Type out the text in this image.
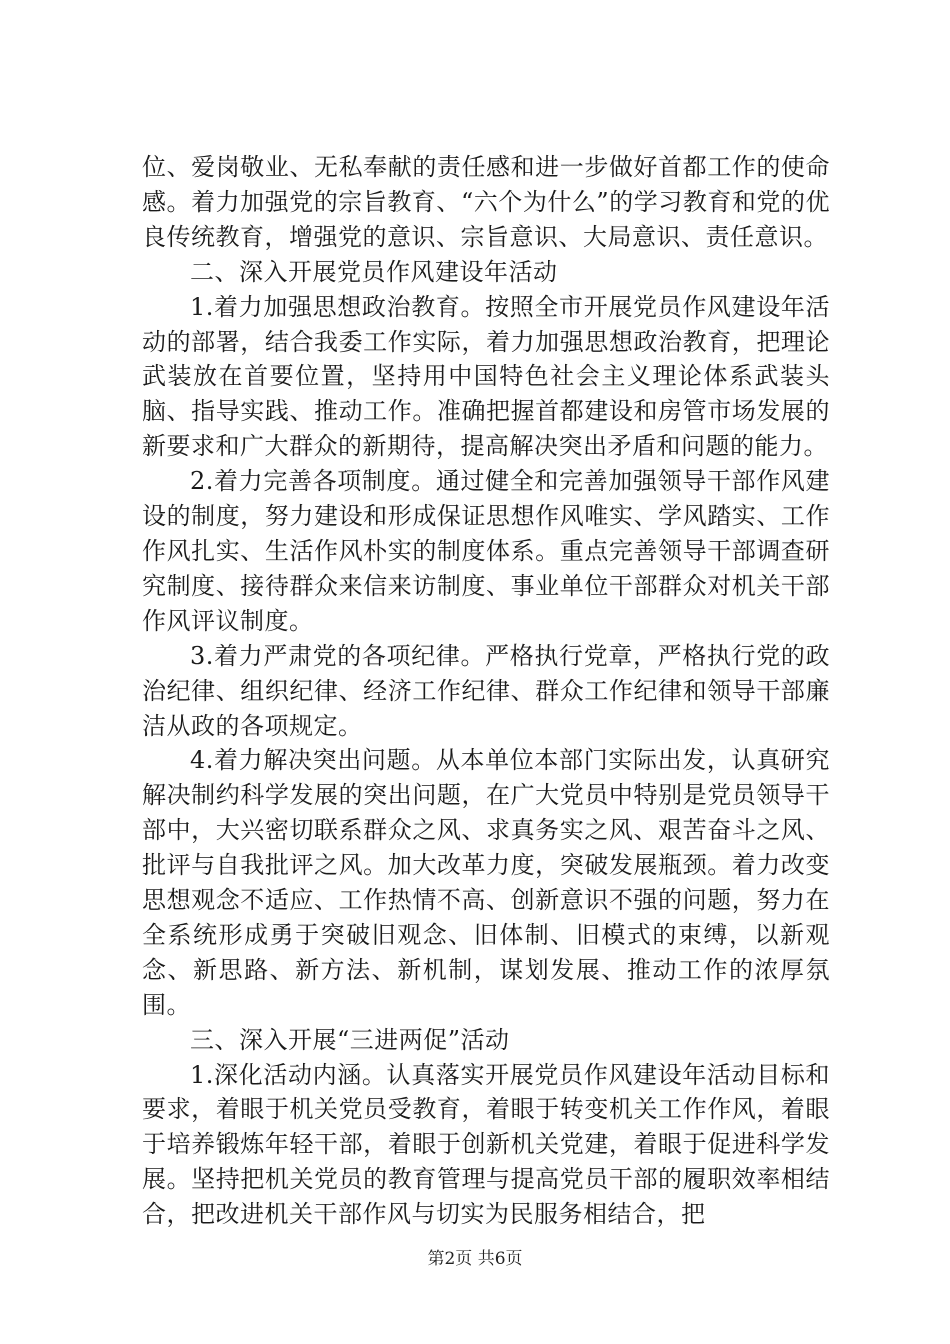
位、爱岗敬业、无私奉献的责任感和进一步做好首都工作的使命感。着力加强党的宗旨教育、“六个为什么”的学习教育和党的优良传统教育，增强党的意识、宗旨意识、大局意识、责任意识。

二、深入开展党员作风建设年活动

1.着力加强思想政治教育。按照全市开展党员作风建设年活动的部署，结合我委工作实际，着力加强思想政治教育，把理论武装放在首要位置，坚持用中国特色社会主义理论体系武装头脑、指导实践、推动工作。准确把握首都建设和房管市场发展的新要求和广大群众的新期待，提高解决突出矛盾和问题的能力。

2.着力完善各项制度。通过健全和完善加强领导干部作风建设的制度，努力建设和形成保证思想作风唯实、学风踏实、工作作风扎实、生活作风朴实的制度体系。重点完善领导干部调查研究制度、接待群众来信来访制度、事业单位干部群众对机关干部作风评议制度。

3.着力严肃党的各项纪律。严格执行党章，严格执行党的政治纪律、组织纪律、经济工作纪律、群众工作纪律和领导干部廉洁从政的各项规定。

4.着力解决突出问题。从本单位本部门实际出发，认真研究解决制约科学发展的突出问题，在广大党员中特别是党员领导干部中，大兴密切联系群众之风、求真务实之风、艰苦奋斗之风、批评与自我批评之风。加大改革力度，突破发展瓶颈。着力改变思想观念不适应、工作热情不高、创新意识不强的问题，努力在全系统形成勇于突破旧观念、旧体制、旧模式的束缚，以新观念、新思路、新方法、新机制，谋划发展、推动工作的浓厚氛围。

三、深入开展“三进两促”活动

1.深化活动内涵。认真落实开展党员作风建设年活动目标和要求，着眼于机关党员受教育，着眼于转变机关工作作风，着眼于培养锻炼年轻干部，着眼于创新机关党建，着眼于促进科学发展。坚持把机关党员的教育管理与提高党员干部的履职效率相结合，把改进机关干部作风与切实为民服务相结合，把

第2页 共6页
